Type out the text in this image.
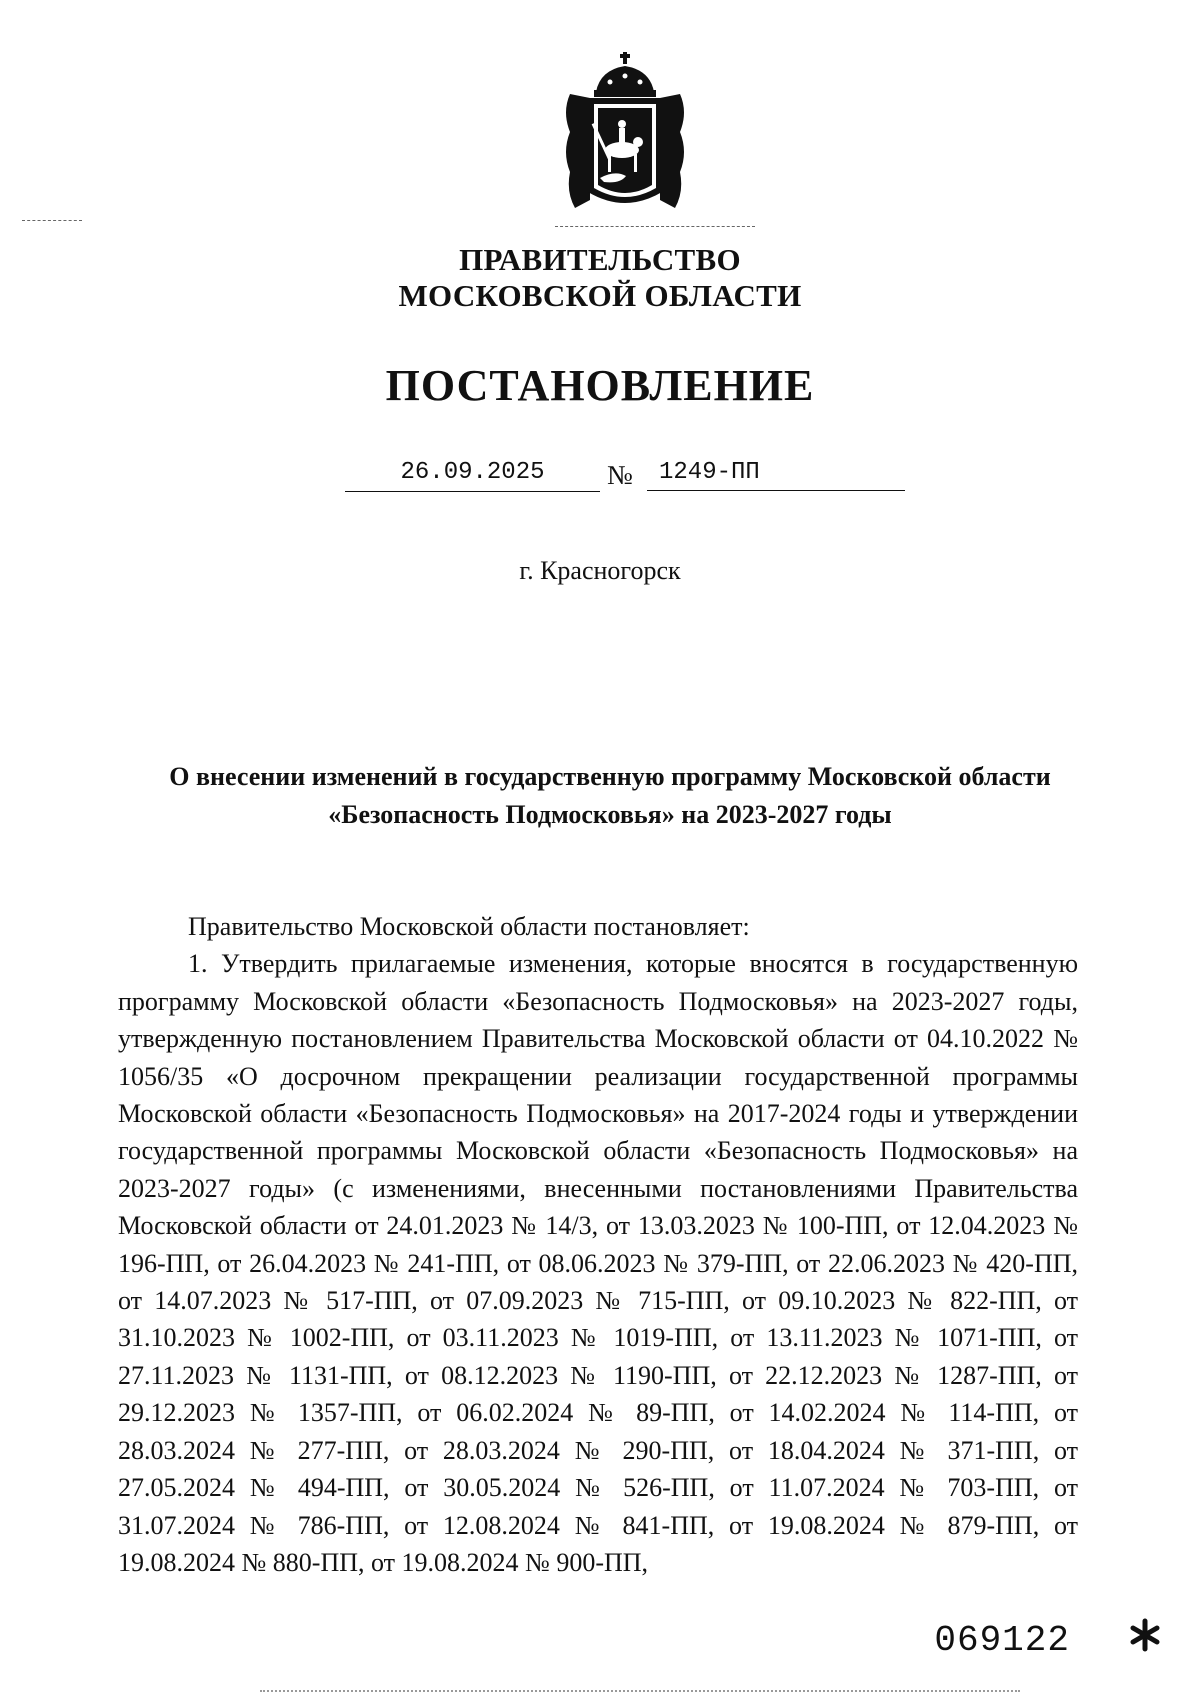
ПРАВИТЕЛЬСТВО
МОСКОВСКОЙ ОБЛАСТИ
ПОСТАНОВЛЕНИЕ
26.09.2025	№	1249-ПП
г. Красногорск
О внесении изменений в государственную программу Московской области
«Безопасность Подмосковья» на 2023-2027 годы

Правительство Московской области постановляет:

1. Утвердить прилагаемые изменения, которые вносятся в государственную программу Московской области «Безопасность Подмосковья» на 2023-2027 годы, утвержденную постановлением Правительства Московской области от 04.10.2022 № 1056/35 «О досрочном прекращении реализации государственной программы Московской области «Безопасность Подмосковья» на 2017-2024 годы и утверждении государственной программы Московской области «Безопасность Подмосковья» на 2023-2027 годы» (с изменениями, внесенными постановлениями Правительства Московской области от 24.01.2023 № 14/3, от 13.03.2023 № 100-ПП, от 12.04.2023 № 196-ПП, от 26.04.2023 № 241-ПП, от 08.06.2023 № 379-ПП, от 22.06.2023 № 420-ПП, от 14.07.2023 № 517-ПП, от 07.09.2023 № 715-ПП, от 09.10.2023 № 822-ПП, от 31.10.2023 № 1002-ПП, от 03.11.2023 № 1019-ПП, от 13.11.2023 № 1071-ПП, от 27.11.2023 № 1131-ПП, от 08.12.2023 № 1190-ПП, от 22.12.2023 № 1287-ПП, от 29.12.2023 № 1357-ПП, от 06.02.2024 № 89-ПП, от 14.02.2024 № 114-ПП, от 28.03.2024 № 277-ПП, от 28.03.2024 № 290-ПП, от 18.04.2024 № 371-ПП, от 27.05.2024 № 494-ПП, от 30.05.2024 № 526-ПП, от 11.07.2024 № 703-ПП, от 31.07.2024 № 786-ПП, от 12.08.2024 № 841-ПП, от 19.08.2024 № 879-ПП, от 19.08.2024 № 880-ПП, от 19.08.2024 № 900-ПП,

069122
